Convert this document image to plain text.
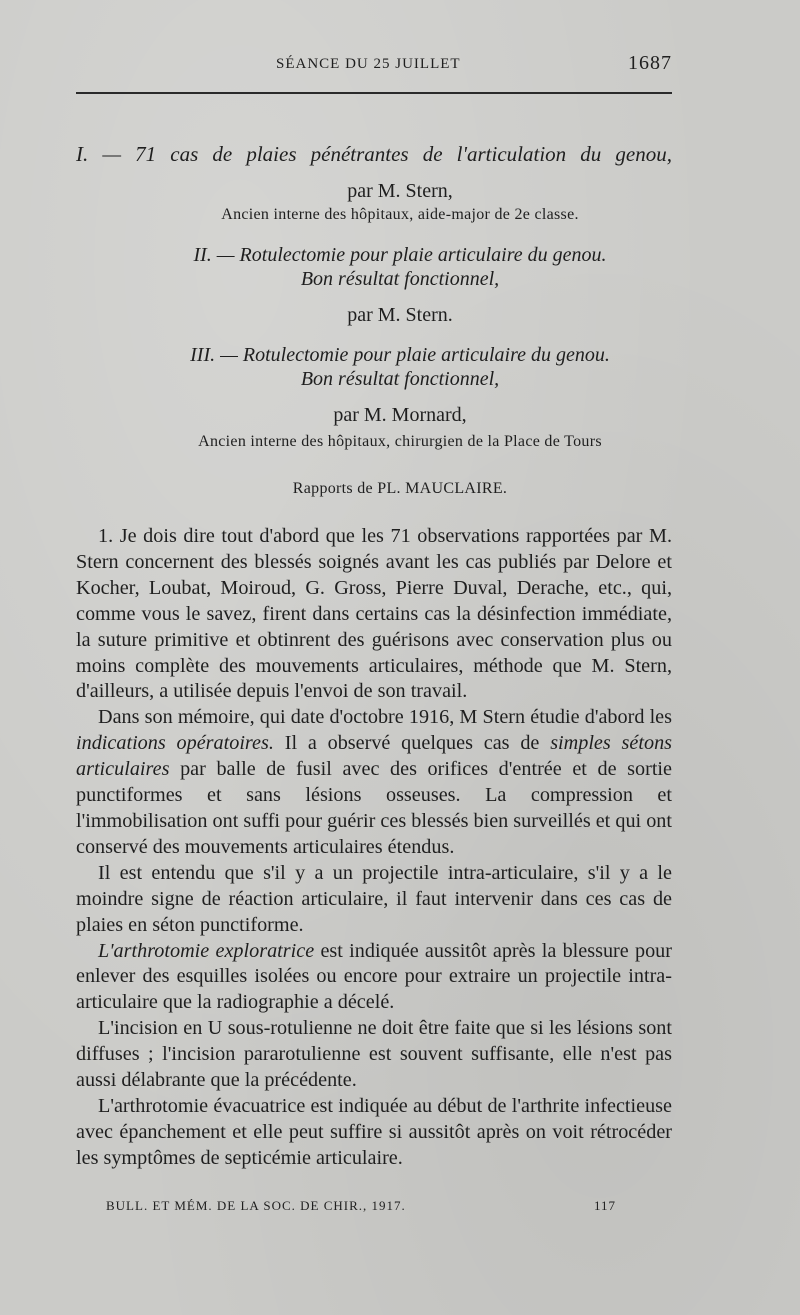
SÉANCE DU 25 JUILLET	1687
I. — 71 cas de plaies pénétrantes de l'articulation du genou,
par M. Stern,
Ancien interne des hôpitaux, aide-major de 2e classe.
II. — Rotulectomie pour plaie articulaire du genou.
Bon résultat fonctionnel,
par M. Stern.
III. — Rotulectomie pour plaie articulaire du genou.
Bon résultat fonctionnel,
par M. Mornard,
Ancien interne des hôpitaux, chirurgien de la Place de Tours
Rapports de PL. MAUCLAIRE.

1. Je dois dire tout d'abord que les 71 observations rapportées par M. Stern concernent des blessés soignés avant les cas publiés par Delore et Kocher, Loubat, Moiroud, G. Gross, Pierre Duval, Derache, etc., qui, comme vous le savez, firent dans certains cas la désinfection immédiate, la suture primitive et obtinrent des guérisons avec conservation plus ou moins complète des mouvements articulaires, méthode que M. Stern, d'ailleurs, a utilisée depuis l'envoi de son travail.

Dans son mémoire, qui date d'octobre 1916, M Stern étudie d'abord les indications opératoires. Il a observé quelques cas de simples sétons articulaires par balle de fusil avec des orifices d'entrée et de sortie punctiformes et sans lésions osseuses. La compression et l'immobilisation ont suffi pour guérir ces blessés bien surveillés et qui ont conservé des mouvements articulaires étendus.

Il est entendu que s'il y a un projectile intra-articulaire, s'il y a le moindre signe de réaction articulaire, il faut intervenir dans ces cas de plaies en séton punctiforme.

L'arthrotomie exploratrice est indiquée aussitôt après la blessure pour enlever des esquilles isolées ou encore pour extraire un projectile intra-articulaire que la radiographie a décelé.

L'incision en U sous-rotulienne ne doit être faite que si les lésions sont diffuses ; l'incision pararotulienne est souvent suffisante, elle n'est pas aussi délabrante que la précédente.

L'arthrotomie évacuatrice est indiquée au début de l'arthrite infectieuse avec épanchement et elle peut suffire si aussitôt après on voit rétrocéder les symptômes de septicémie articulaire.

BULL. ET MÉM. DE LA SOC. DE CHIR., 1917.	117
